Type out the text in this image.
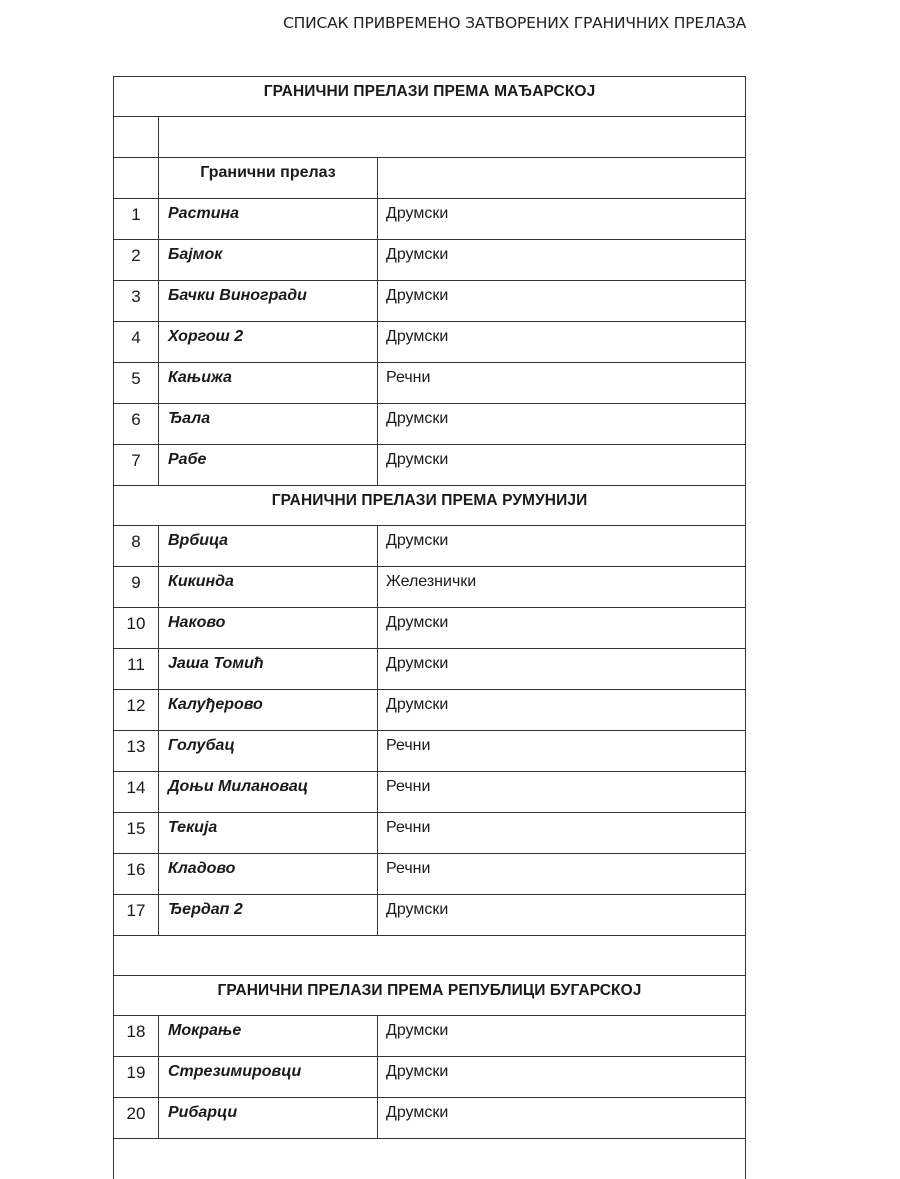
СПИСАК ПРИВРЕМЕНО ЗАТВОРЕНИХ ГРАНИЧНИХ ПРЕЛАЗА
ГРАНИЧНИ ПРЕЛАЗИ ПРЕМА МАЂАРСКОЈ
Гранични прелаз
1	Растина	Друмски
2	Бајмок	Друмски
3	Бачки Виногради	Друмски
4	Хоргош 2	Друмски
5	Кањижа	Речни
6	Ђала	Друмски
7	Рабе	Друмски
ГРАНИЧНИ ПРЕЛАЗИ ПРЕМА РУМУНИЈИ
8	Врбица	Друмски
9	Кикинда	Железнички
10	Наково	Друмски
11	Јаша Томић	Друмски
12	Калуђерово	Друмски
13	Голубац	Речни
14	Доњи Милановац	Речни
15	Текија	Речни
16	Кладово	Речни
17	Ђердап 2	Друмски
ГРАНИЧНИ ПРЕЛАЗИ ПРЕМА РЕПУБЛИЦИ БУГАРСКОЈ
18	Мокрање	Друмски
19	Стрезимировци	Друмски
20	Рибарци	Друмски
